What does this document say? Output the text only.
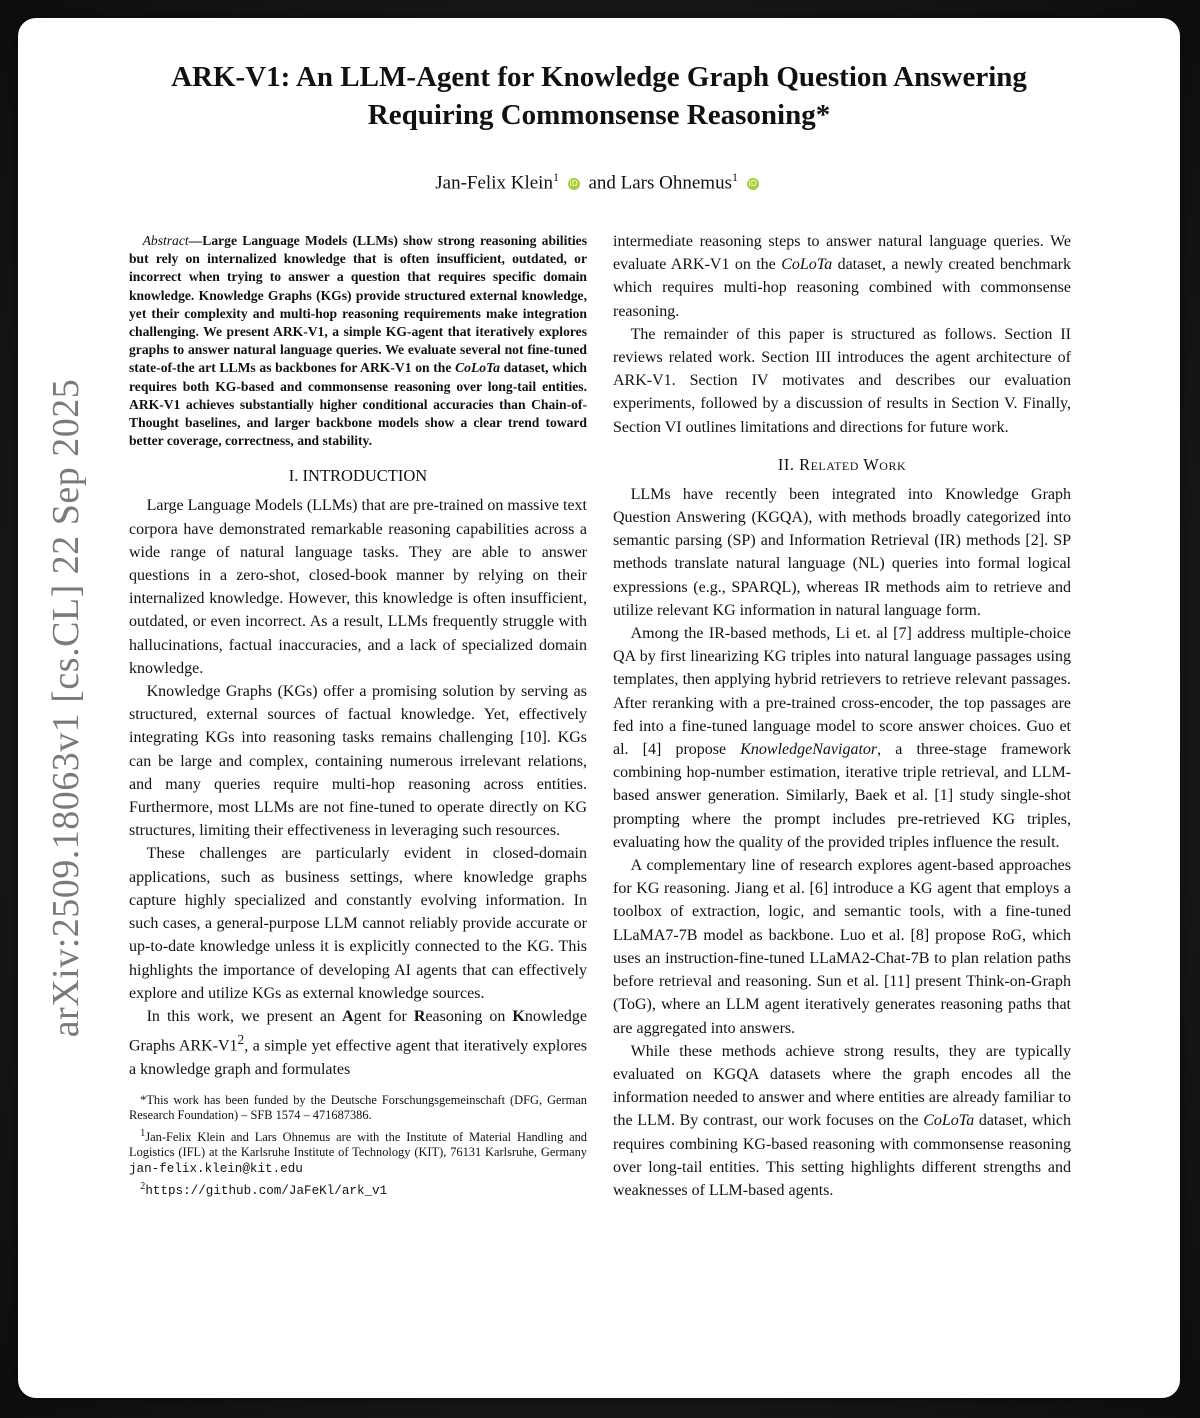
arXiv:2509.18063v1 [cs.CL] 22 Sep 2025
ARK-V1: An LLM-Agent for Knowledge Graph Question Answering
Requiring Commonsense Reasoning*
Jan-Felix Klein$^1$ iD and Lars Ohnemus$^1$ iD

Abstract—Large Language Models (LLMs) show strong reasoning abilities but rely on internalized knowledge that is often insufficient, outdated, or incorrect when trying to answer a question that requires specific domain knowledge. Knowledge Graphs (KGs) provide structured external knowledge, yet their complexity and multi-hop reasoning requirements make integration challenging. We present ARK-V1, a simple KG-agent that iteratively explores graphs to answer natural language queries. We evaluate several not fine-tuned state-of-the art LLMs as backbones for ARK-V1 on the CoLoTa dataset, which requires both KG-based and commonsense reasoning over long-tail entities. ARK-V1 achieves substantially higher conditional accuracies than Chain-of-Thought baselines, and larger backbone models show a clear trend toward better coverage, correctness, and stability.

I. INTRODUCTION

Large Language Models (LLMs) that are pre-trained on massive text corpora have demonstrated remarkable reasoning capabilities across a wide range of natural language tasks. They are able to answer questions in a zero-shot, closed-book manner by relying on their internalized knowledge. However, this knowledge is often insufficient, outdated, or even incorrect. As a result, LLMs frequently struggle with hallucinations, factual inaccuracies, and a lack of specialized domain knowledge.

Knowledge Graphs (KGs) offer a promising solution by serving as structured, external sources of factual knowledge. Yet, effectively integrating KGs into reasoning tasks remains challenging [10]. KGs can be large and complex, containing numerous irrelevant relations, and many queries require multi-hop reasoning across entities. Furthermore, most LLMs are not fine-tuned to operate directly on KG structures, limiting their effectiveness in leveraging such resources.

These challenges are particularly evident in closed-domain applications, such as business settings, where knowledge graphs capture highly specialized and constantly evolving information. In such cases, a general-purpose LLM cannot reliably provide accurate or up-to-date knowledge unless it is explicitly connected to the KG. This highlights the importance of developing AI agents that can effectively explore and utilize KGs as external knowledge sources.

In this work, we present an Agent for Reasoning on Knowledge Graphs ARK-$V1^2$, a simple yet effective agent that iteratively explores a knowledge graph and formulates

*This work has been funded by the Deutsche Forschungsgemeinschaft (DFG, German Research Foundation) – SFB 1574 – 471687386.

$^1$Jan-Felix Klein and Lars Ohnemus are with the Institute of Material Handling and Logistics (IFL) at the Karlsruhe Institute of Technology (KIT), 76131 Karlsruhe, Germany jan-felix.klein@kit.edu

$^2$https://github.com/JaFeKl/ark_v1

intermediate reasoning steps to answer natural language queries. We evaluate ARK-V1 on the CoLoTa dataset, a newly created benchmark which requires multi-hop reasoning combined with commonsense reasoning.

The remainder of this paper is structured as follows. Section II reviews related work. Section III introduces the agent architecture of ARK-V1. Section IV motivates and describes our evaluation experiments, followed by a discussion of results in Section V. Finally, Section VI outlines limitations and directions for future work.

II. Related Work

LLMs have recently been integrated into Knowledge Graph Question Answering (KGQA), with methods broadly categorized into semantic parsing (SP) and Information Retrieval (IR) methods [2]. SP methods translate natural language (NL) queries into formal logical expressions (e.g., SPARQL), whereas IR methods aim to retrieve and utilize relevant KG information in natural language form.

Among the IR-based methods, Li et. al [7] address multiple-choice QA by first linearizing KG triples into natural language passages using templates, then applying hybrid retrievers to retrieve relevant passages. After reranking with a pre-trained cross-encoder, the top passages are fed into a fine-tuned language model to score answer choices. Guo et al. [4] propose KnowledgeNavigator, a three-stage framework combining hop-number estimation, iterative triple retrieval, and LLM-based answer generation. Similarly, Baek et al. [1] study single-shot prompting where the prompt includes pre-retrieved KG triples, evaluating how the quality of the provided triples influence the result.

A complementary line of research explores agent-based approaches for KG reasoning. Jiang et al. [6] introduce a KG agent that employs a toolbox of extraction, logic, and semantic tools, with a fine-tuned LLaMA7-7B model as backbone. Luo et al. [8] propose RoG, which uses an instruction-fine-tuned LLaMA2-Chat-7B to plan relation paths before retrieval and reasoning. Sun et al. [11] present Think-on-Graph (ToG), where an LLM agent iteratively generates reasoning paths that are aggregated into answers.

While these methods achieve strong results, they are typically evaluated on KGQA datasets where the graph encodes all the information needed to answer and where entities are already familiar to the LLM. By contrast, our work focuses on the CoLoTa dataset, which requires combining KG-based reasoning with commonsense reasoning over long-tail entities. This setting highlights different strengths and weaknesses of LLM-based agents.
